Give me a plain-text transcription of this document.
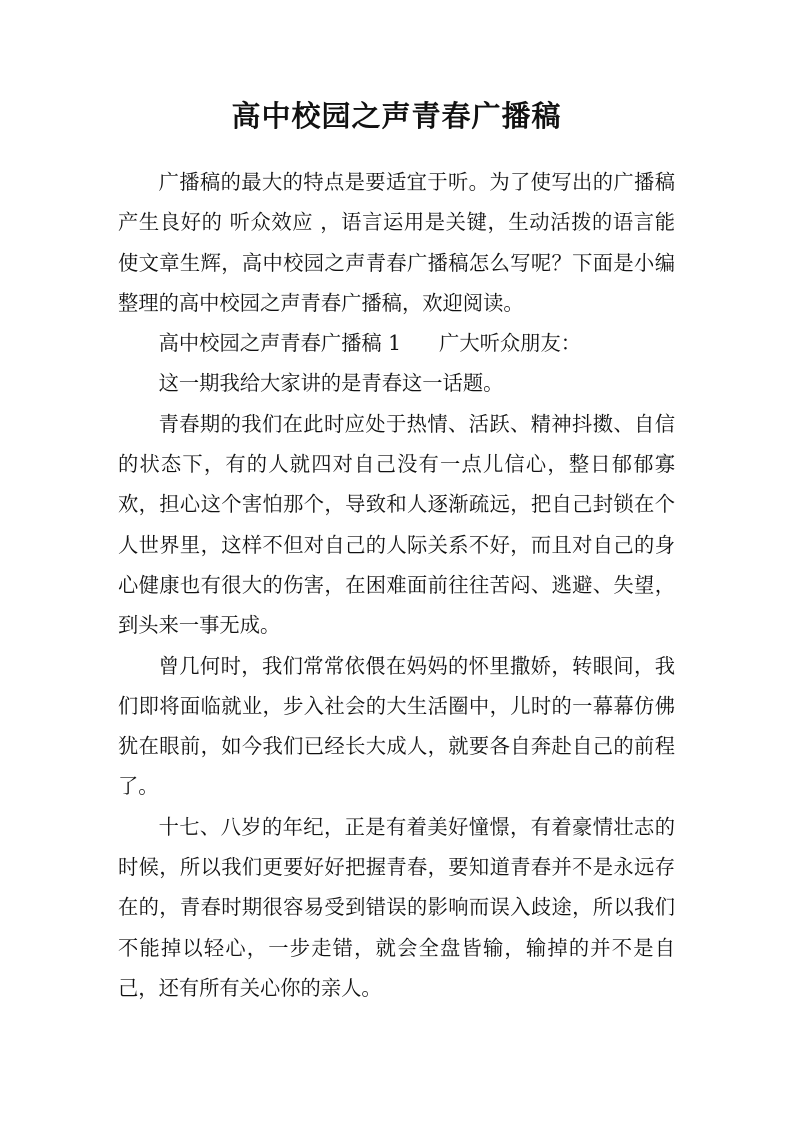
高中校园之声青春广播稿

广播稿的最大的特点是要适宜于听。为了使写出的广播稿产生良好的 听众效应 ，语言运用是关键，生动活拨的语言能使文章生辉，高中校园之声青春广播稿怎么写呢？下面是小编整理的高中校园之声青春广播稿，欢迎阅读。

高中校园之声青春广播稿 1 广大听众朋友：

这一期我给大家讲的是青春这一话题。

青春期的我们在此时应处于热情、活跃、精神抖擞、自信的状态下，有的人就四对自己没有一点儿信心，整日郁郁寡欢，担心这个害怕那个，导致和人逐渐疏远，把自己封锁在个人世界里，这样不但对自己的人际关系不好，而且对自己的身心健康也有很大的伤害，在困难面前往往苦闷、逃避、失望，到头来一事无成。

曾几何时，我们常常依偎在妈妈的怀里撒娇，转眼间，我们即将面临就业，步入社会的大生活圈中，儿时的一幕幕仿佛犹在眼前，如今我们已经长大成人，就要各自奔赴自己的前程了。

十七、八岁的年纪，正是有着美好憧憬，有着豪情壮志的时候，所以我们更要好好把握青春，要知道青春并不是永远存在的，青春时期很容易受到错误的影响而误入歧途，所以我们不能掉以轻心，一步走错，就会全盘皆输，输掉的并不是自己，还有所有关心你的亲人。
